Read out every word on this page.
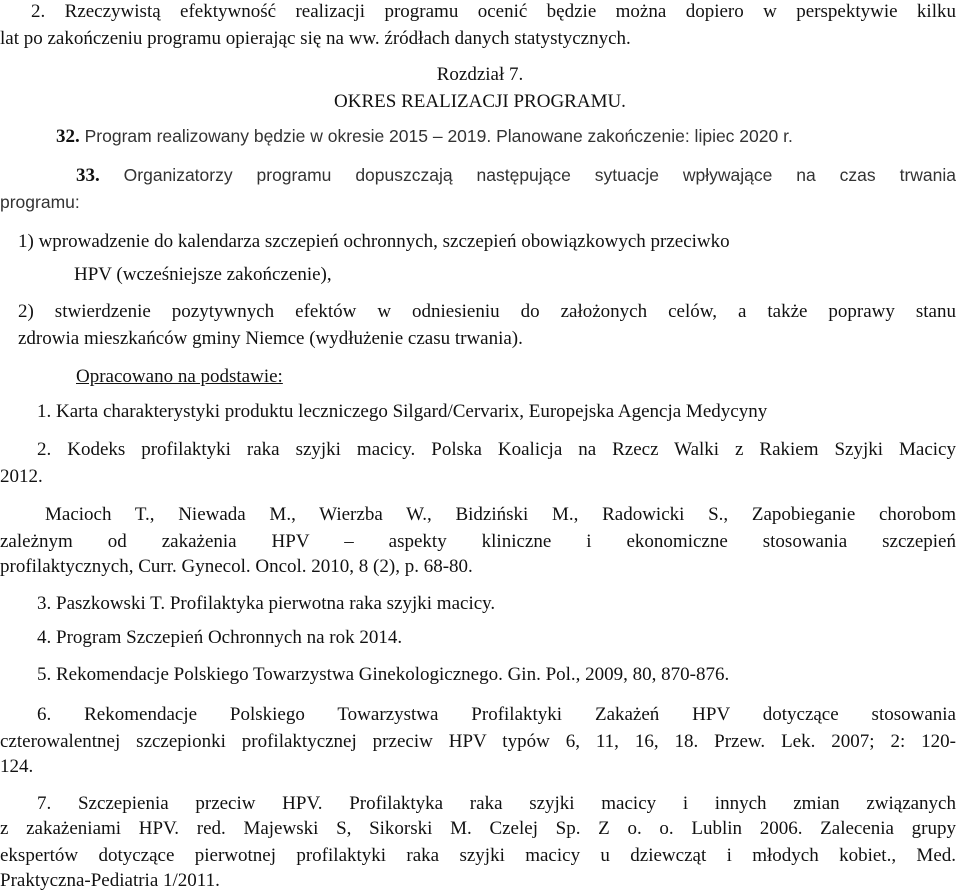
2. Rzeczywistą efektywność realizacji programu ocenić będzie można dopiero w perspektywie kilku
lat po zakończeniu programu opierając się na ww. źródłach danych statystycznych.
Rozdział 7.
OKRES REALIZACJI PROGRAMU.
32. Program realizowany będzie w okresie 2015 – 2019. Planowane zakończenie: lipiec 2020 r.
33. Organizatorzy programu dopuszczają następujące sytuacje wpływające na czas trwania
programu:
1) wprowadzenie do kalendarza szczepień ochronnych, szczepień obowiązkowych przeciwko
HPV (wcześniejsze zakończenie),
2) stwierdzenie pozytywnych efektów w odniesieniu do założonych celów, a także poprawy stanu
zdrowia mieszkańców gminy Niemce (wydłużenie czasu trwania).
Opracowano na podstawie:
1. Karta charakterystyki produktu leczniczego Silgard/Cervarix, Europejska Agencja Medycyny
2. Kodeks profilaktyki raka szyjki macicy. Polska Koalicja na Rzecz Walki z Rakiem Szyjki Macicy
2012.
Macioch T., Niewada M., Wierzba W., Bidziński M., Radowicki S., Zapobieganie chorobom
zależnym od zakażenia HPV – aspekty kliniczne i ekonomiczne stosowania szczepień
profilaktycznych, Curr. Gynecol. Oncol. 2010, 8 (2), p. 68-80.
3. Paszkowski T. Profilaktyka pierwotna raka szyjki macicy.
4. Program Szczepień Ochronnych na rok 2014.
5. Rekomendacje Polskiego Towarzystwa Ginekologicznego. Gin. Pol., 2009, 80, 870-876.
6. Rekomendacje Polskiego Towarzystwa Profilaktyki Zakażeń HPV dotyczące stosowania
czterowalentnej szczepionki profilaktycznej przeciw HPV typów 6, 11, 16, 18. Przew. Lek. 2007; 2: 120-
124.
7. Szczepienia przeciw HPV. Profilaktyka raka szyjki macicy i innych zmian związanych
z zakażeniami HPV. red. Majewski S, Sikorski M. Czelej Sp. Z o. o. Lublin 2006. Zalecenia grupy
ekspertów dotyczące pierwotnej profilaktyki raka szyjki macicy u dziewcząt i młodych kobiet., Med.
Praktyczna-Pediatria 1/2011.
